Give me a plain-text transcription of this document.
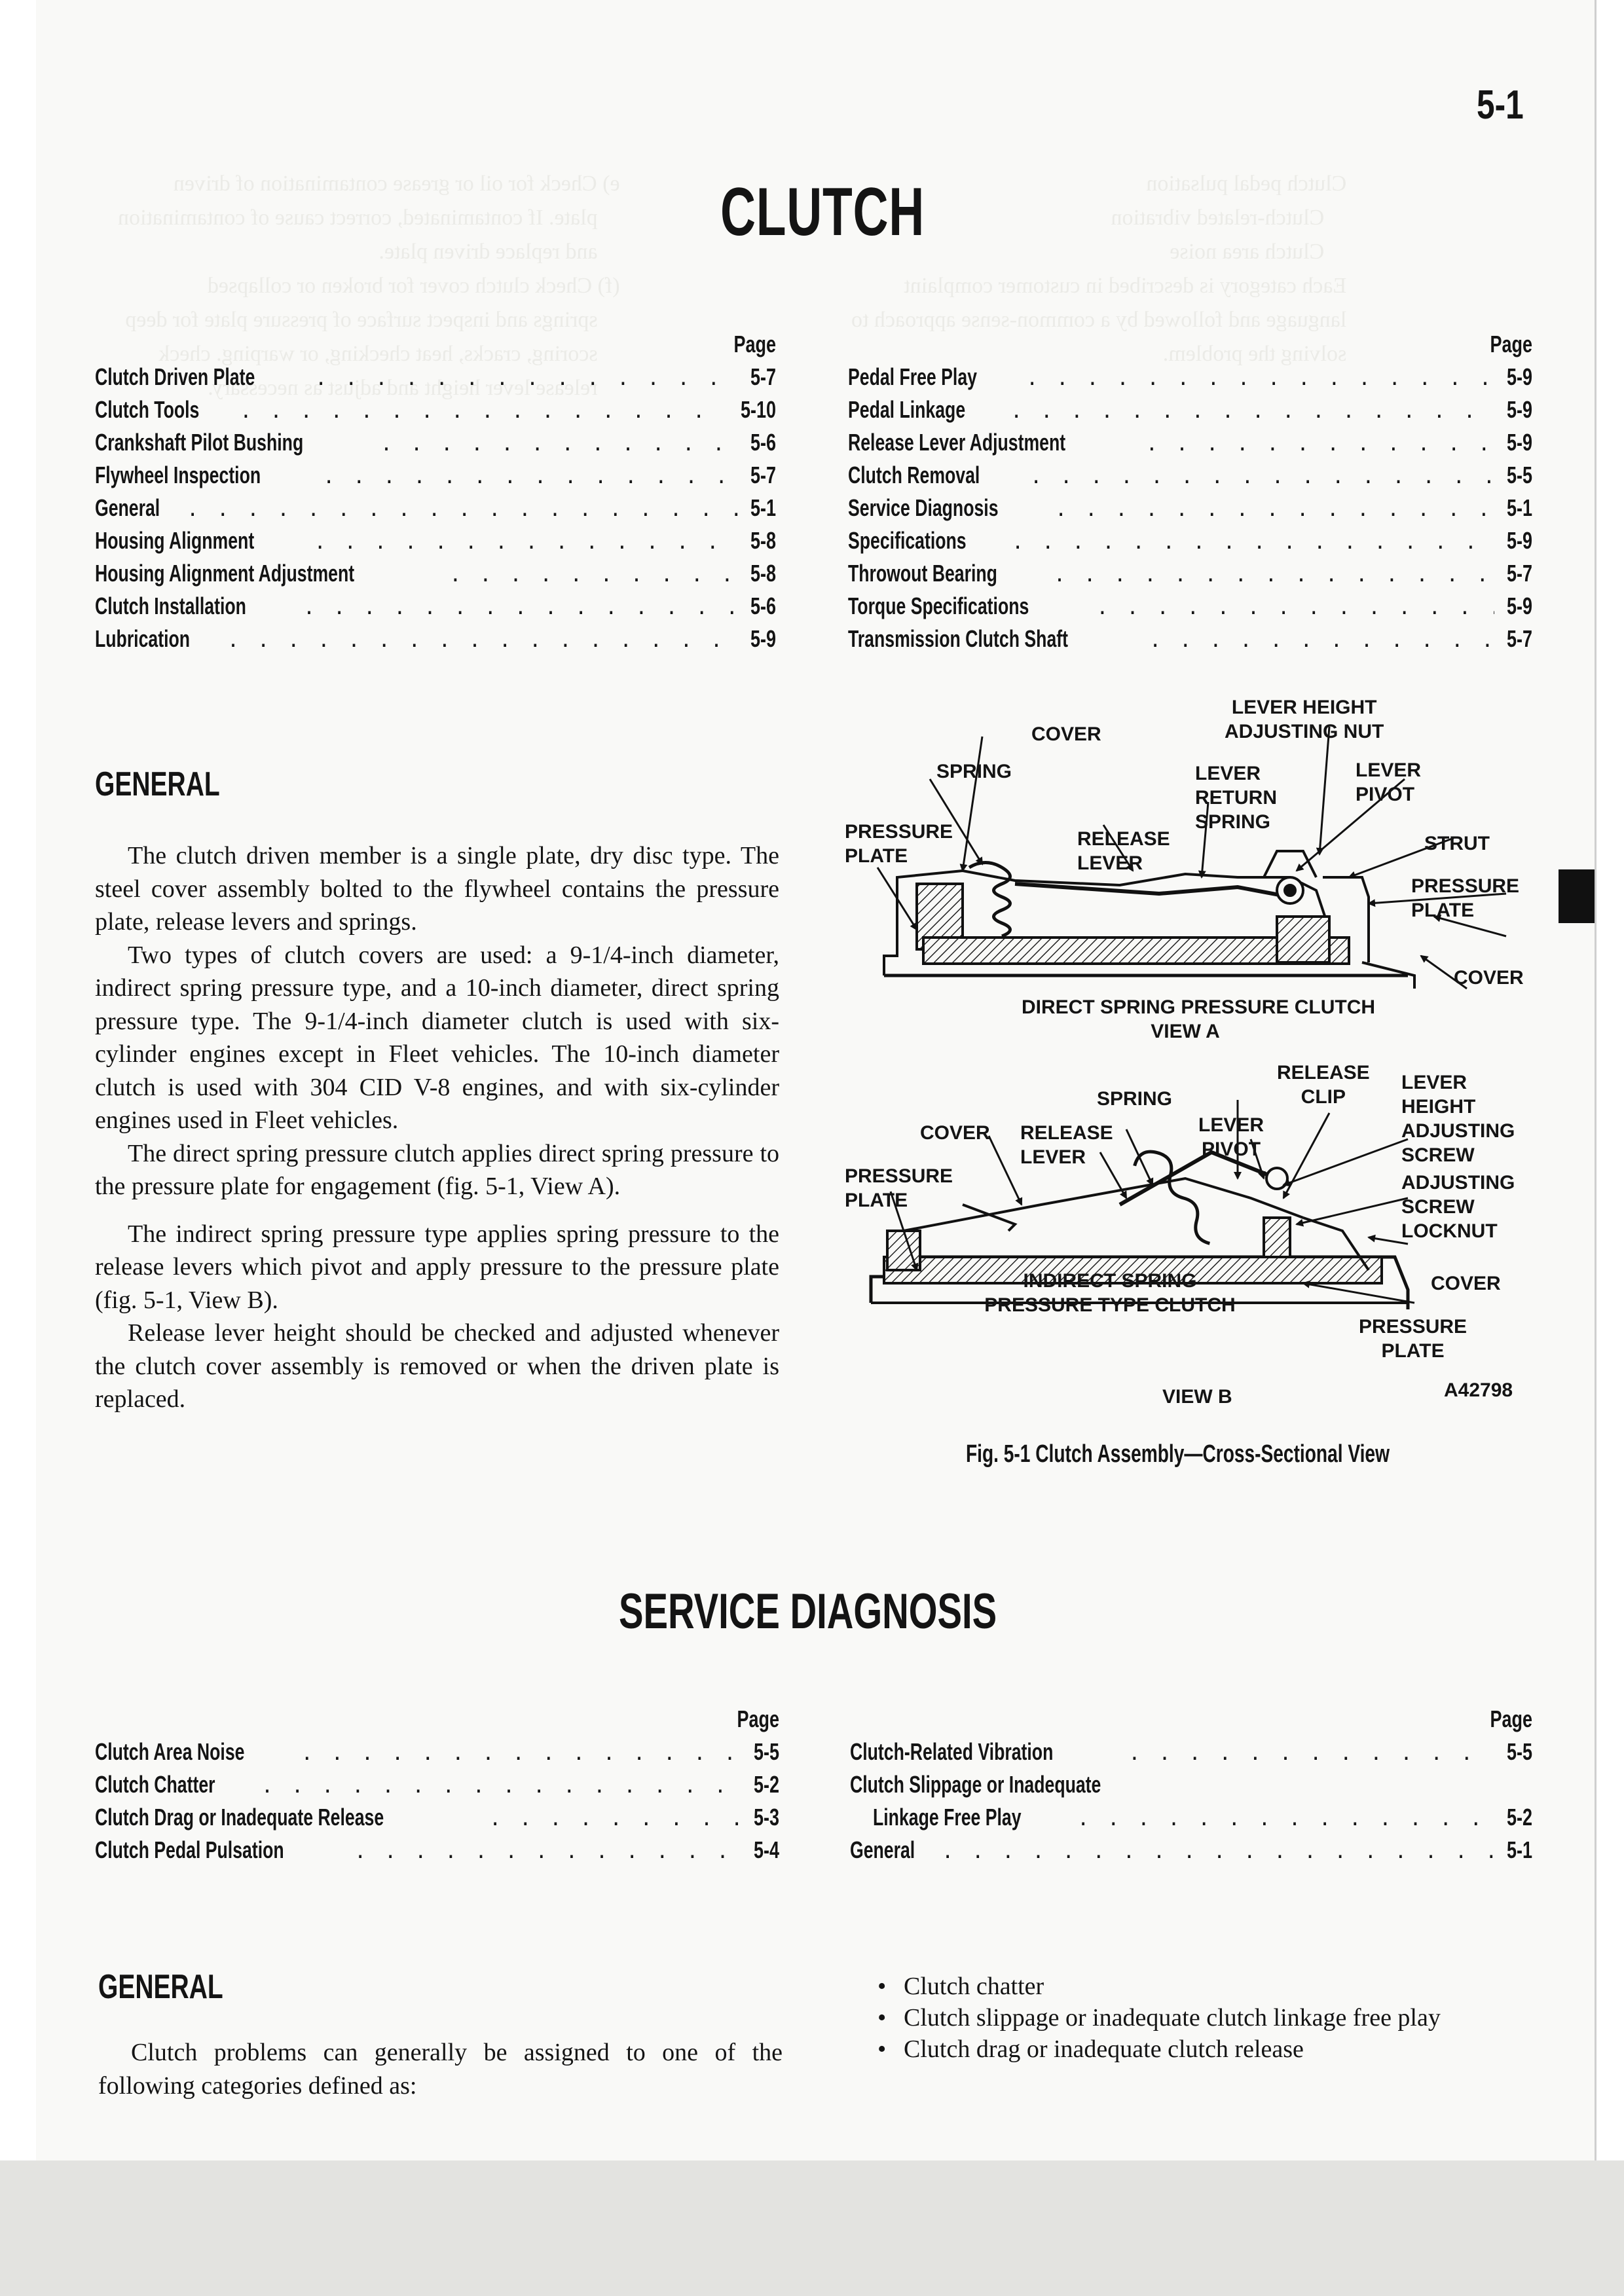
e) Check for oil or grease contamination of driven
plate. If contaminated, correct cause of contamination
and replace driven plate.
(f) Check clutch cover for broken or collapsed
springs and inspect surface of pressure plate for deep
scoring, cracks, heat checking, or warping. check
release lever height and adjust as necessary.
Clutch pedal pulsation
Clutch-related vibration
Clutch area noise
Each category is described in customer complaint
language and followed by a common-sense approach to
solving the problem.
5-1
CLUTCH
Page
Clutch Driven Plate . . .	5-7
Clutch Tools . . .	5-10
Crankshaft Pilot Bushing . . .	5-6
Flywheel Inspection . . .	5-7
General . . .	5-1
Housing Alignment . . .	5-8
Housing Alignment Adjustment . . .	5-8
Clutch Installation . . .	5-6
Lubrication . . .	5-9
Page
Pedal Free Play . . .	5-9
Pedal Linkage . . .	5-9
Release Lever Adjustment . . .	5-9
Clutch Removal . . .	5-5
Service Diagnosis . . .	5-1
Specifications . . .	5-9
Throwout Bearing . . .	5-7
Torque Specifications . . .	5-9
Transmission Clutch Shaft . . .	5-7
GENERAL

The clutch driven member is a single plate, dry disc type. The steel cover assembly bolted to the flywheel contains the pressure plate, release levers and springs.

Two types of clutch covers are used: a 9-1/4-inch diameter, indirect spring pressure type, and a 10-inch diameter, direct spring pressure type. The 9-1/4-inch diameter clutch is used with six-cylinder engines except in Fleet vehicles. The 10-inch diameter clutch is used with 304 CID V-8 engines, and with six-cylinder engines used in Fleet vehicles.

The direct spring pressure clutch applies direct spring pressure to the pressure plate for engagement (fig. 5-1, View A).

The indirect spring pressure type applies spring pressure to the release levers which pivot and apply pressure to the pressure plate (fig. 5-1, View B).

Release lever height should be checked and adjusted whenever the clutch cover assembly is removed or when the driven plate is replaced.

COVER
SPRING
PRESSURE
PLATE
RELEASE
LEVER
LEVER
RETURN
SPRING
LEVER HEIGHT
ADJUSTING NUT
LEVER
PIVOT
STRUT
PRESSURE
PLATE
COVER
DIRECT SPRING PRESSURE CLUTCH
VIEW A
RELEASE
CLIP
SPRING
COVER RELEASE
LEVER
LEVER
PIVOT
LEVER
HEIGHT
ADJUSTING
SCREW
PRESSURE
PLATE
ADJUSTING
SCREW
LOCKNUT
COVER
INDIRECT SPRING
PRESSURE TYPE CLUTCH
PRESSURE
PLATE
VIEW B	A42798
Fig. 5-1 Clutch Assembly—Cross-Sectional View
SERVICE DIAGNOSIS
Page
Clutch Area Noise . . .	5-5
Clutch Chatter . . .	5-2
Clutch Drag or Inadequate Release . . .	5-3
Clutch Pedal Pulsation . . .	5-4
Page
Clutch-Related Vibration . . .	5-5
Clutch Slippage or Inadequate
Linkage Free Play . . .	5-2
General . . .	5-1
GENERAL

Clutch problems can generally be assigned to one of the following categories defined as:

• Clutch chatter
• Clutch slippage or inadequate clutch linkage free play
• Clutch drag or inadequate clutch release
